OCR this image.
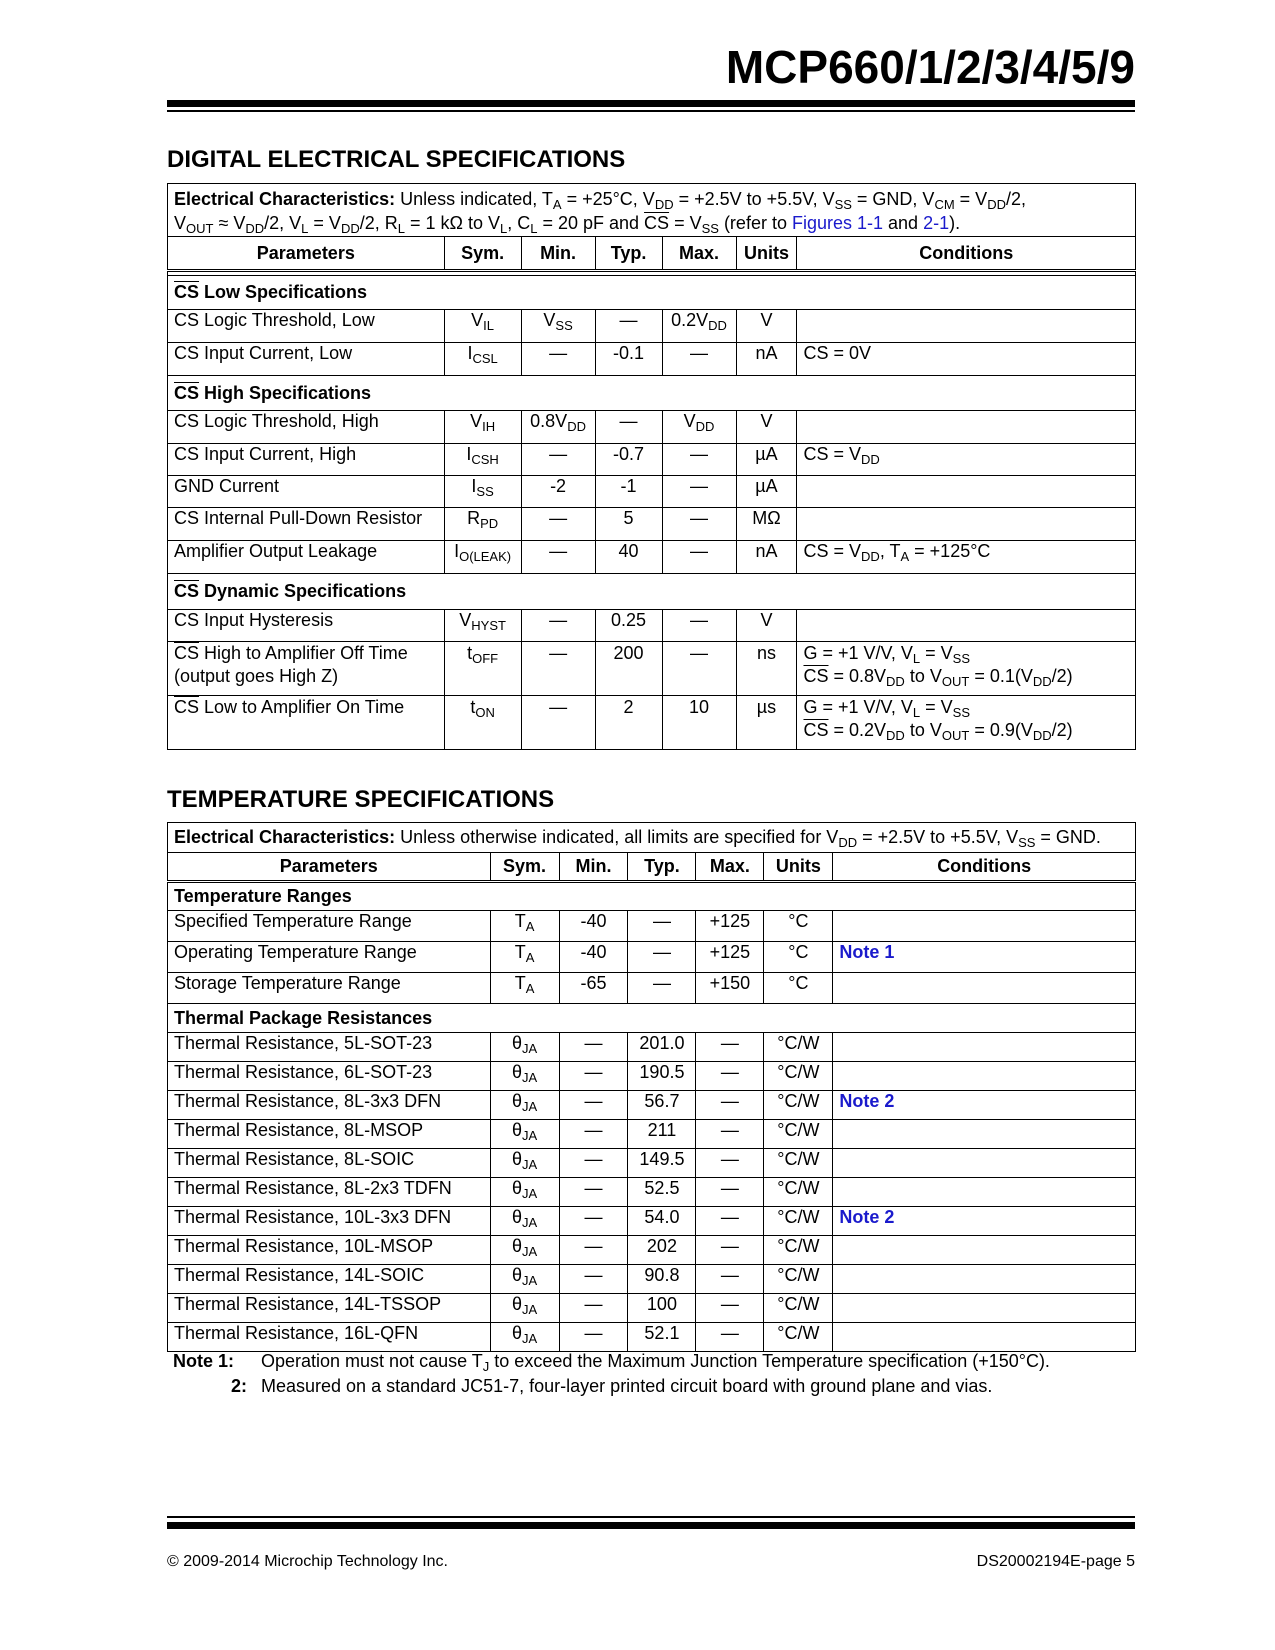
MCP660/1/2/3/4/5/9
DIGITAL ELECTRICAL SPECIFICATIONS
Electrical Characteristics: Unless indicated, $T_A = +25^\circ C$, $V_{DD} = +2.5V$ to +5.5V, $V_{SS}$ = GND, $V_{CM} = V_{DD}/2$,
$V_{OUT} \approx V_{DD}/2$, $V_L = V_{DD}/2$, $R_L = 1$ kΩ to $V_L$, $C_L = 20$ pF and $\overline{CS} = V_{SS}$ (refer to Figures 1-1 and 2-1).						
Parameters	Sym.	Min.	Typ.	Max.	Units	Conditions

$\overline{CS}$ Low Specifications						
$\overline{CS}$ Logic Threshold, Low	$V_{IL}$	$V_{SS}$	—	$0.2V_{DD}$	V	
$\overline{CS}$ Input Current, Low	$I_{CSL}$	—	-0.1	—	nA	$\overline{CS} = 0V$
$\overline{CS}$ High Specifications						
$\overline{CS}$ Logic Threshold, High	$V_{IH}$	$0.8V_{DD}$	—	$V_{DD}$	V	
$\overline{CS}$ Input Current, High	$I_{CSH}$	—	-0.7	—	µA	$\overline{CS} = V_{DD}$
GND Current	$I_{SS}$	-2	-1	—	µA	
$\overline{CS}$ Internal Pull-Down Resistor	$R_{PD}$	—	5	—	MΩ	
Amplifier Output Leakage	$I_{O(LEAK)}$	—	40	—	nA	$\overline{CS} = V_{DD}$, $T_A = +125^\circ C$
$\overline{CS}$ Dynamic Specifications						
$\overline{CS}$ Input Hysteresis	$V_{HYST}$	—	0.25	—	V	
$\overline{CS}$ High to Amplifier Off Time
(output goes High Z)	$t_{OFF}$	—	200	—	ns	G = +1 V/V, $V_L = V_{SS}$
$\overline{CS} = 0.8V_{DD}$ to $V_{OUT} = 0.1(V_{DD}/2)$
$\overline{CS}$ Low to Amplifier On Time	$t_{ON}$	—	2	10	µs	G = +1 V/V, $V_L = V_{SS}$
$\overline{CS} = 0.2V_{DD}$ to $V_{OUT} = 0.9(V_{DD}/2)$
TEMPERATURE SPECIFICATIONS
Electrical Characteristics: Unless otherwise indicated, all limits are specified for $V_{DD} = +2.5V$ to +5.5V, $V_{SS}$ = GND.						
Parameters	Sym.	Min.	Typ.	Max.	Units	Conditions
Temperature Ranges						
Specified Temperature Range	$T_A$	-40	—	+125	°C	
Operating Temperature Range	$T_A$	-40	—	+125	°C	Note 1
Storage Temperature Range	$T_A$	-65	—	+150	°C	
Thermal Package Resistances						
Thermal Resistance, 5L-SOT-23	$\theta_{JA}$	—	201.0	—	°C/W	
Thermal Resistance, 6L-SOT-23	$\theta_{JA}$	—	190.5	—	°C/W	
Thermal Resistance, 8L-3x3 DFN	$\theta_{JA}$	—	56.7	—	°C/W	Note 2
Thermal Resistance, 8L-MSOP	$\theta_{JA}$	—	211	—	°C/W	
Thermal Resistance, 8L-SOIC	$\theta_{JA}$	—	149.5	—	°C/W	
Thermal Resistance, 8L-2x3 TDFN	$\theta_{JA}$	—	52.5	—	°C/W	
Thermal Resistance, 10L-3x3 DFN	$\theta_{JA}$	—	54.0	—	°C/W	Note 2
Thermal Resistance, 10L-MSOP	$\theta_{JA}$	—	202	—	°C/W	
Thermal Resistance, 14L-SOIC	$\theta_{JA}$	—	90.8	—	°C/W	
Thermal Resistance, 14L-TSSOP	$\theta_{JA}$	—	100	—	°C/W	
Thermal Resistance, 16L-QFN	$\theta_{JA}$	—	52.1	—	°C/W	
Note 1: Operation must not cause $T_J$ to exceed the Maximum Junction Temperature specification (+150°C).
2: Measured on a standard JC51-7, four-layer printed circuit board with ground plane and vias.
© 2009-2014 Microchip Technology Inc.	DS20002194E-page 5
